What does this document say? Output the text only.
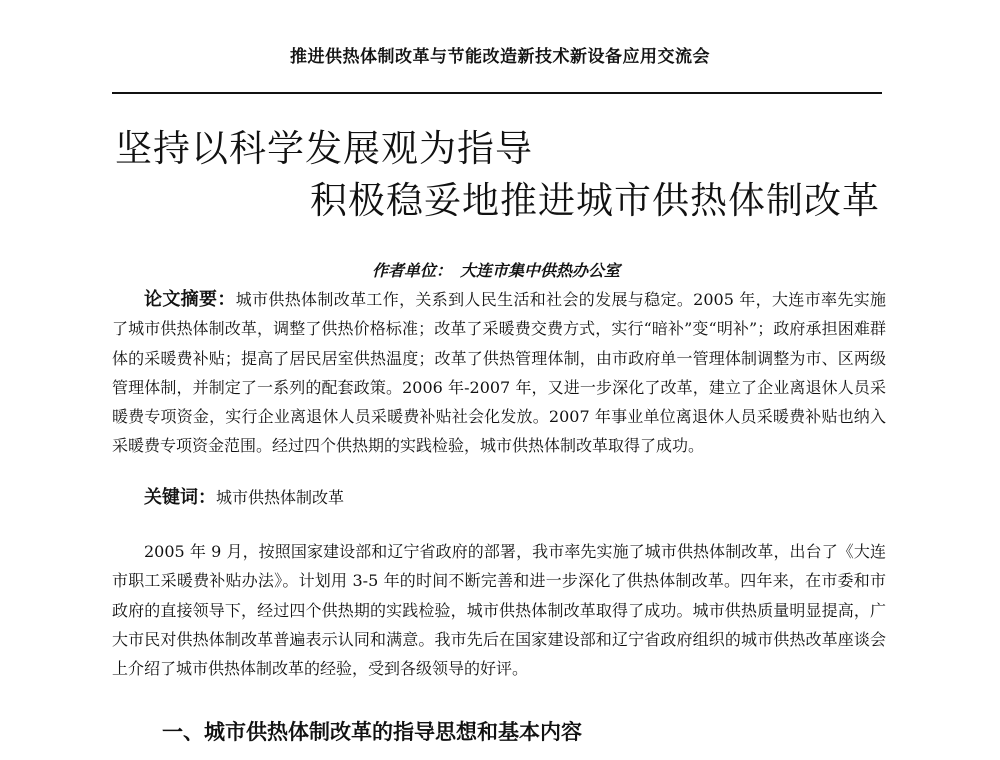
推进供热体制改革与节能改造新技术新设备应用交流会
坚持以科学发展观为指导
积极稳妥地推进城市供热体制改革
作者单位： 大连市集中供热办公室
论文摘要：城市供热体制改革工作，关系到人民生活和社会的发展与稳定。2005 年，大连市率先实施了城市供热体制改革，调整了供热价格标准；改革了采暖费交费方式，实行“暗补”变“明补”；政府承担困难群体的采暖费补贴；提高了居民居室供热温度；改革了供热管理体制，由市政府单一管理体制调整为市、区两级管理体制，并制定了一系列的配套政策。2006 年-2007 年，又进一步深化了改革，建立了企业离退休人员采暖费专项资金，实行企业离退休人员采暖费补贴社会化发放。2007 年事业单位离退休人员采暖费补贴也纳入采暖费专项资金范围。经过四个供热期的实践检验，城市供热体制改革取得了成功。
关键词：城市供热体制改革
2005 年 9 月，按照国家建设部和辽宁省政府的部署，我市率先实施了城市供热体制改革，出台了《大连市职工采暖费补贴办法》。计划用 3-5 年的时间不断完善和进一步深化了供热体制改革。四年来，在市委和市政府的直接领导下，经过四个供热期的实践检验，城市供热体制改革取得了成功。城市供热质量明显提高，广大市民对供热体制改革普遍表示认同和满意。我市先后在国家建设部和辽宁省政府组织的城市供热改革座谈会上介绍了城市供热体制改革的经验，受到各级领导的好评。
一、城市供热体制改革的指导思想和基本内容
